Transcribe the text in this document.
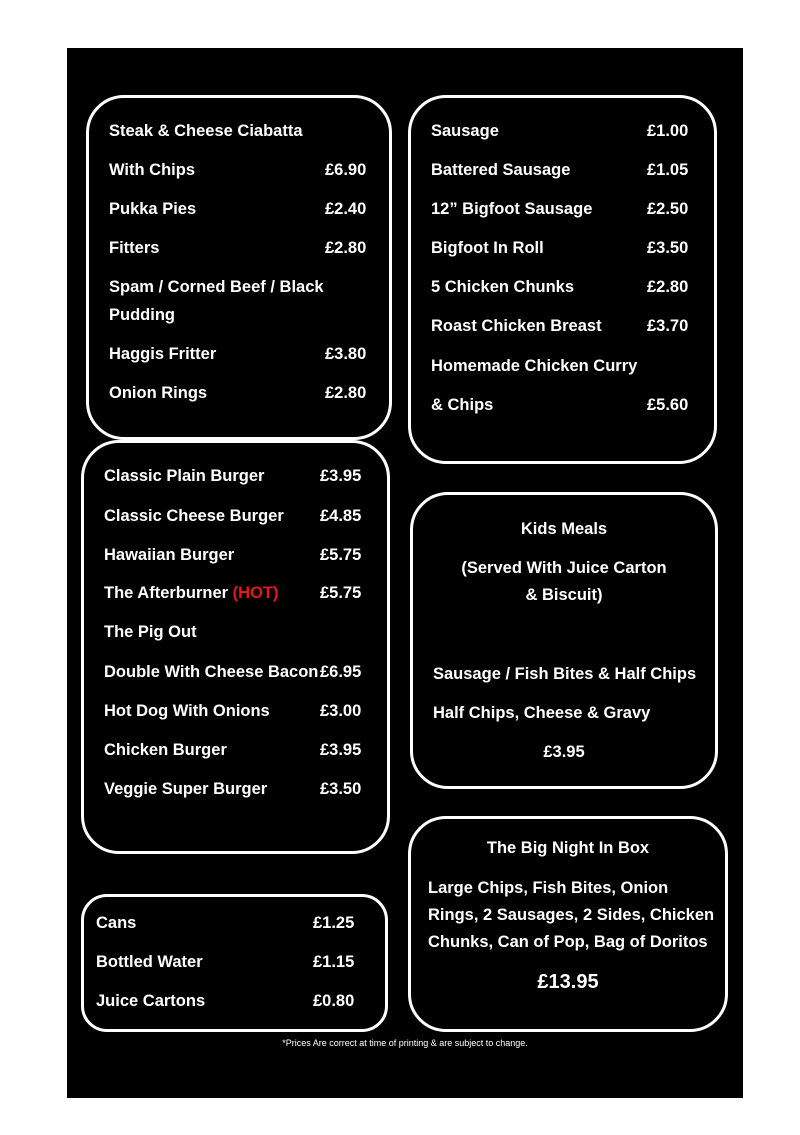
Steak & Cheese Ciabatta
With Chips	£6.90
Pukka Pies	£2.40
Fitters	£2.80
Spam / Corned Beef / Black
Pudding
Haggis Fritter	£3.80
Onion Rings	£2.80
Sausage	£1.00
Battered Sausage	£1.05
12” Bigfoot Sausage	£2.50
Bigfoot In Roll	£3.50
5 Chicken Chunks	£2.80
Roast Chicken Breast	£3.70
Homemade Chicken Curry
& Chips	£5.60
Classic Plain Burger	£3.95
Classic Cheese Burger £4.85
Hawaiian Burger	£5.75
The Afterburner (HOT)	£5.75
The Pig Out
Double With Cheese Bacon £6.95
Hot Dog With Onions	£3.00
Chicken Burger	£3.95
Veggie Super Burger	£3.50
Kids Meals
(Served With Juice Carton
& Biscuit)
Sausage / Fish Bites & Half Chips
Half Chips, Cheese & Gravy
£3.95
Cans	£1.25
Bottled Water	£1.15
Juice Cartons	£0.80
The Big Night In Box
Large Chips, Fish Bites, Onion
Rings, 2 Sausages, 2 Sides, Chicken
Chunks, Can of Pop, Bag of Doritos
£13.95
*Prices Are correct at time of printing & are subject to change.
